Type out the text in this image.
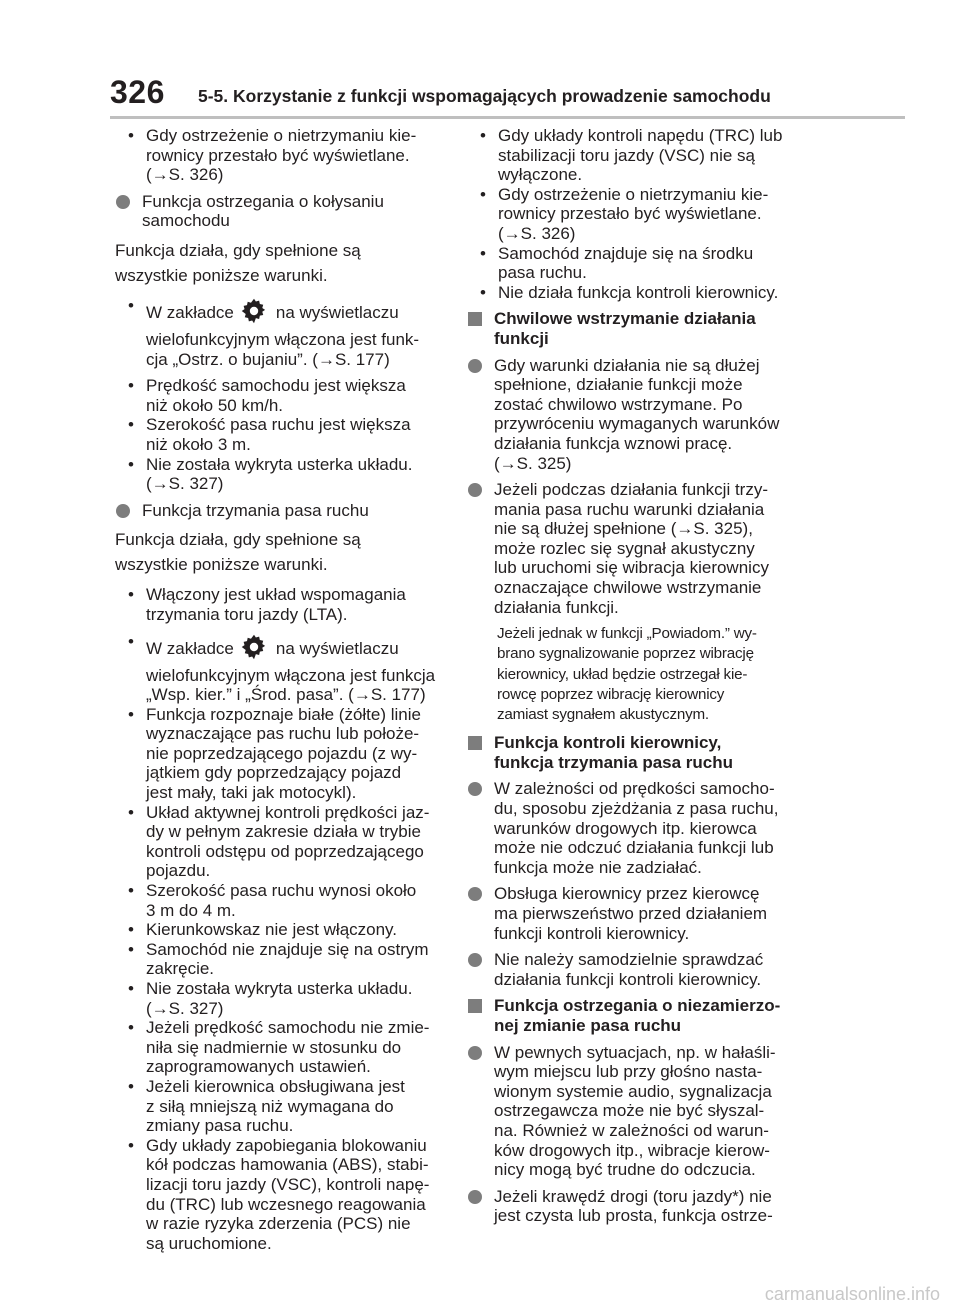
326 5-5. Korzystanie z funkcji wspomagających prowadzenie samochodu
• Gdy ostrzeżenie o nietrzymaniu kie-
rownicy przestało być wyświetlane.
(→S. 326)
Funkcja ostrzegania o kołysaniu
samochodu
Funkcja działa, gdy spełnione są
wszystkie poniższe warunki.
• W zakładce na wyświetlaczu
wielofunkcyjnym włączona jest funk-
cja „Ostrz. o bujaniu”. (→S. 177)
• Prędkość samochodu jest większa
niż około 50 km/h.
• Szerokość pasa ruchu jest większa
niż około 3 m.
• Nie została wykryta usterka układu.
(→S. 327)
Funkcja trzymania pasa ruchu
Funkcja działa, gdy spełnione są
wszystkie poniższe warunki.
• Włączony jest układ wspomagania
trzymania toru jazdy (LTA).
• W zakładce na wyświetlaczu
wielofunkcyjnym włączona jest funkcja
„Wsp. kier.” i „Środ. pasa”. (→S. 177)
• Funkcja rozpoznaje białe (żółte) linie
wyznaczające pas ruchu lub położe-
nie poprzedzającego pojazdu (z wy-
jątkiem gdy poprzedzający pojazd
jest mały, taki jak motocykl).
• Układ aktywnej kontroli prędkości jaz-
dy w pełnym zakresie działa w trybie
kontroli odstępu od poprzedzającego
pojazdu.
• Szerokość pasa ruchu wynosi około
3 m do 4 m.
• Kierunkowskaz nie jest włączony.
• Samochód nie znajduje się na ostrym
zakręcie.
• Nie została wykryta usterka układu.
(→S. 327)
• Jeżeli prędkość samochodu nie zmie-
niła się nadmiernie w stosunku do
zaprogramowanych ustawień.
• Jeżeli kierownica obsługiwana jest
z siłą mniejszą niż wymagana do
zmiany pasa ruchu.
• Gdy układy zapobiegania blokowaniu
kół podczas hamowania (ABS), stabi-
lizacji toru jazdy (VSC), kontroli napę-
du (TRC) lub wczesnego reagowania
w razie ryzyka zderzenia (PCS) nie
są uruchomione.
• Gdy układy kontroli napędu (TRC) lub
stabilizacji toru jazdy (VSC) nie są
wyłączone.
• Gdy ostrzeżenie o nietrzymaniu kie-
rownicy przestało być wyświetlane.
(→S. 326)
• Samochód znajduje się na środku
pasa ruchu.
• Nie działa funkcja kontroli kierownicy.
Chwilowe wstrzymanie działania
funkcji
Gdy warunki działania nie są dłużej
spełnione, działanie funkcji może
zostać chwilowo wstrzymane. Po
przywróceniu wymaganych warunków
działania funkcja wznowi pracę.
(→S. 325)
Jeżeli podczas działania funkcji trzy-
mania pasa ruchu warunki działania
nie są dłużej spełnione (→S. 325),
może rozlec się sygnał akustyczny
lub uruchomi się wibracja kierownicy
oznaczające chwilowe wstrzymanie
działania funkcji.
Jeżeli jednak w funkcji „Powiadom.” wy-
brano sygnalizowanie poprzez wibrację
kierownicy, układ będzie ostrzegał kie-
rowcę poprzez wibrację kierownicy
zamiast sygnałem akustycznym.
Funkcja kontroli kierownicy,
funkcja trzymania pasa ruchu
W zależności od prędkości samocho-
du, sposobu zjeżdżania z pasa ruchu,
warunków drogowych itp. kierowca
może nie odczuć działania funkcji lub
funkcja może nie zadziałać.
Obsługa kierownicy przez kierowcę
ma pierwszeństwo przed działaniem
funkcji kontroli kierownicy.
Nie należy samodzielnie sprawdzać
działania funkcji kontroli kierownicy.
Funkcja ostrzegania o niezamierzo-
nej zmianie pasa ruchu
W pewnych sytuacjach, np. w hałaśli-
wym miejscu lub przy głośno nasta-
wionym systemie audio, sygnalizacja
ostrzegawcza może nie być słyszal-
na. Również w zależności od warun-
ków drogowych itp., wibracje kierow-
nicy mogą być trudne do odczucia.
Jeżeli krawędź drogi (toru jazdy*) nie
jest czysta lub prosta, funkcja ostrze-
carmanualsonline.info
